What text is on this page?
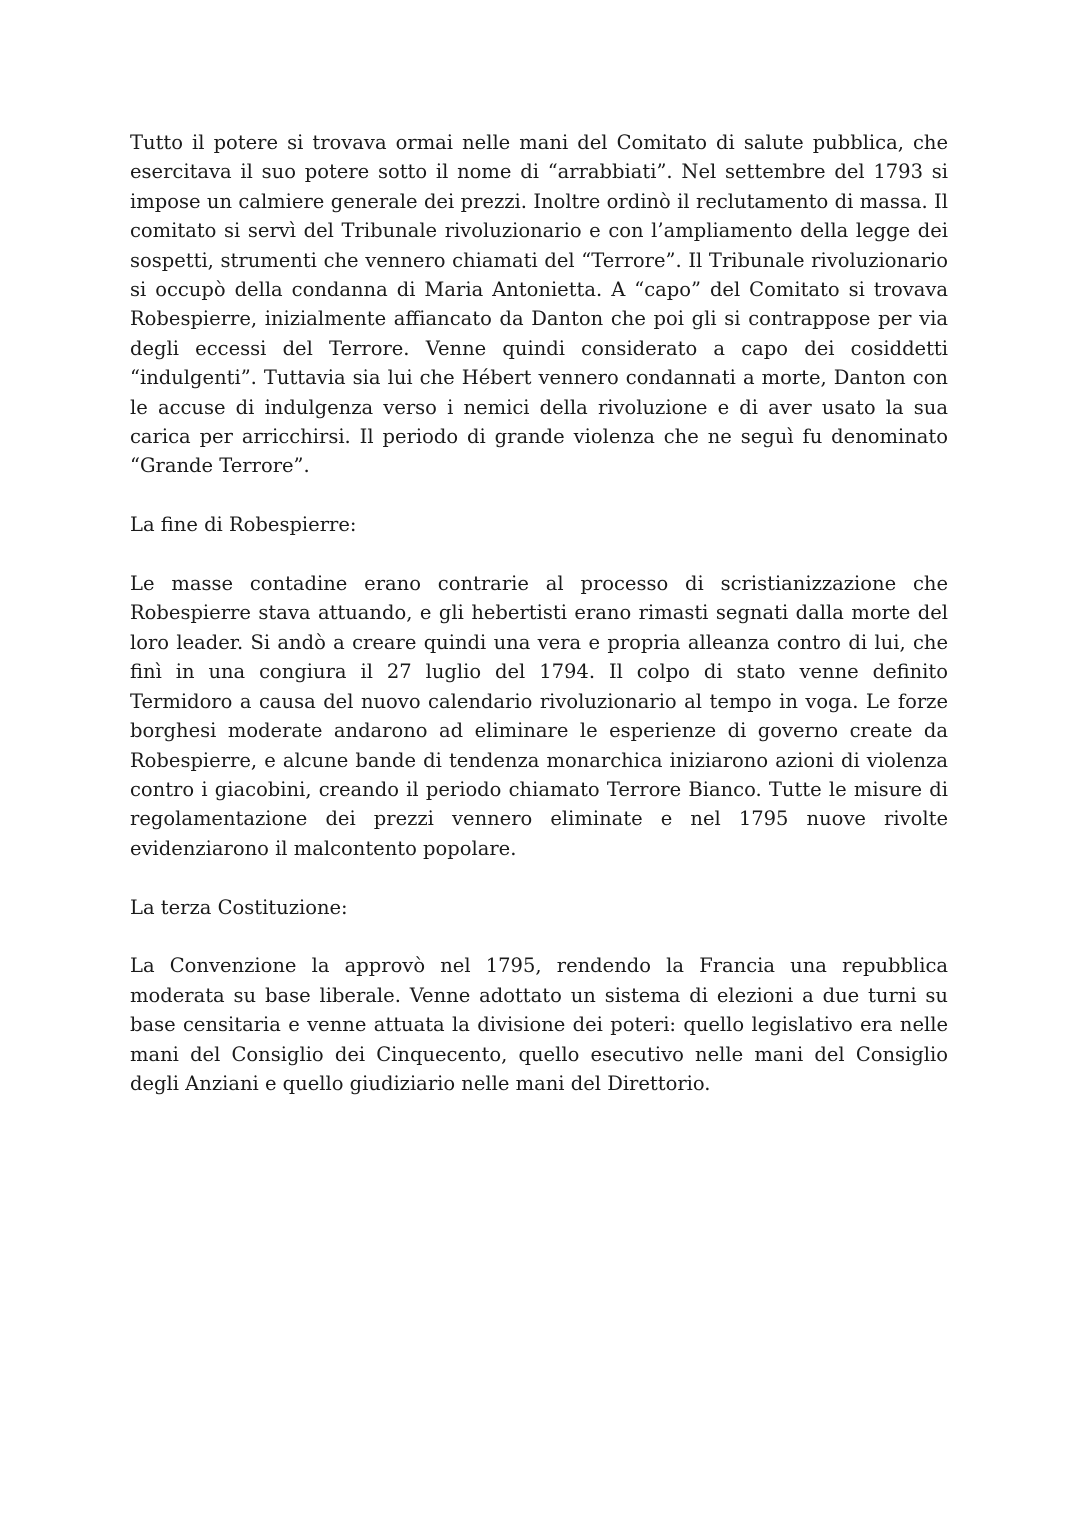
Tutto il potere si trovava ormai nelle mani del Comitato di salute pubblica, che esercitava il suo potere sotto il nome di “arrabbiati”. Nel settembre del 1793 si impose un calmiere generale dei prezzi. Inoltre ordinò il reclutamento di massa. Il comitato si servì del Tribunale rivoluzionario e con l’ampliamento della legge dei sospetti, strumenti che vennero chiamati del “Terrore”. Il Tribunale rivoluzionario si occupò della condanna di Maria Antonietta. A “capo” del Comitato si trovava Robespierre, inizialmente affiancato da Danton che poi gli si contrappose per via degli eccessi del Terrore. Venne quindi considerato a capo dei cosiddetti “indulgenti”. Tuttavia sia lui che Hébert vennero condannati a morte, Danton con le accuse di indulgenza verso i nemici della rivoluzione e di aver usato la sua carica per arricchirsi. Il periodo di grande violenza che ne seguì fu denominato “Grande Terrore”.

La fine di Robespierre:

Le masse contadine erano contrarie al processo di scristianizzazione che Robespierre stava attuando, e gli hebertisti erano rimasti segnati dalla morte del loro leader. Si andò a creare quindi una vera e propria alleanza contro di lui, che finì in una congiura il 27 luglio del 1794. Il colpo di stato venne definito Termidoro a causa del nuovo calendario rivoluzionario al tempo in voga. Le forze borghesi moderate andarono ad eliminare le esperienze di governo create da Robespierre, e alcune bande di tendenza monarchica iniziarono azioni di violenza contro i giacobini, creando il periodo chiamato Terrore Bianco. Tutte le misure di regolamentazione dei prezzi vennero eliminate e nel 1795 nuove rivolte evidenziarono il malcontento popolare.

La terza Costituzione:

La Convenzione la approvò nel 1795, rendendo la Francia una repubblica moderata su base liberale. Venne adottato un sistema di elezioni a due turni su base censitaria e venne attuata la divisione dei poteri: quello legislativo era nelle mani del Consiglio dei Cinquecento, quello esecutivo nelle mani del Consiglio degli Anziani e quello giudiziario nelle mani del Direttorio.
